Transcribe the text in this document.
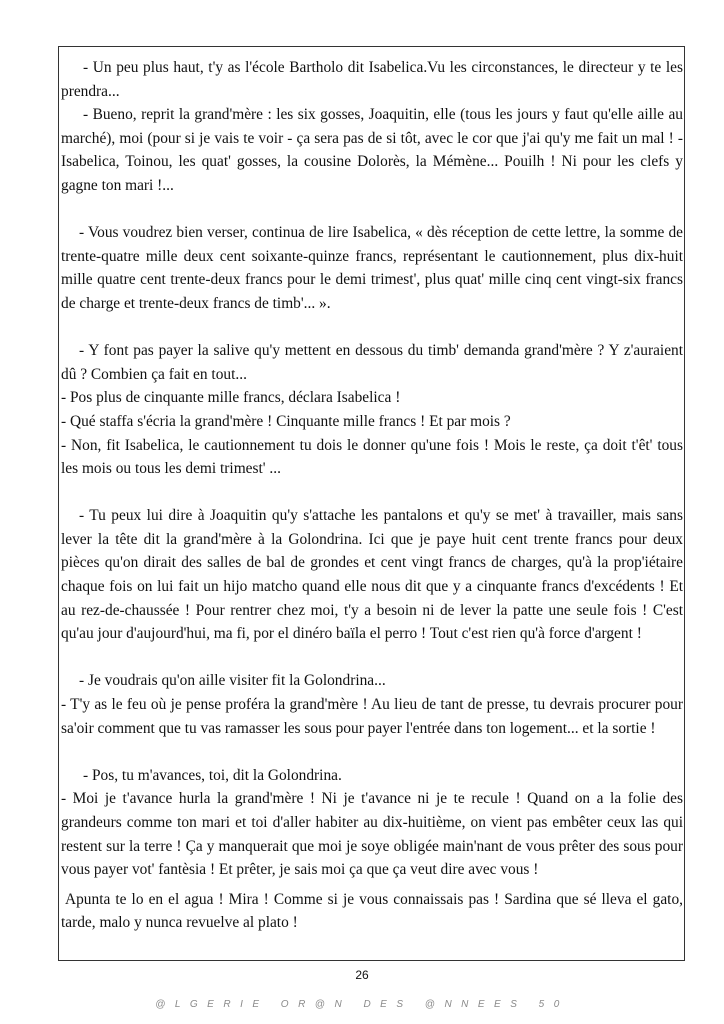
- Un peu plus haut, t'y as l'école Bartholo dit Isabelica.Vu les circonstances, le directeur y te les prendra...

- Bueno, reprit la grand'mère : les six gosses, Joaquitin, elle (tous les jours y faut qu'elle aille au marché), moi (pour si je vais te voir - ça sera pas de si tôt, avec le cor que j'ai qu'y me fait un mal ! - Isabelica, Toinou, les quat' gosses, la cousine Dolorès, la Mémène... Pouilh ! Ni pour les clefs y gagne ton mari !...

- Vous voudrez bien verser, continua de lire Isabelica, « dès réception de cette lettre, la somme de trente-quatre mille deux cent soixante-quinze francs, représentant le cautionnement, plus dix-huit mille quatre cent trente-deux francs pour le demi trimest', plus quat' mille cinq cent vingt-six francs de charge et trente-deux francs de timb'... ».

- Y font pas payer la salive qu'y mettent en dessous du timb' demanda grand'mère ? Y z'auraient dû ? Combien ça fait en tout...

- Pos plus de cinquante mille francs, déclara Isabelica !

- Qué staffa s'écria la grand'mère ! Cinquante mille francs ! Et par mois ?

- Non, fit Isabelica, le cautionnement tu dois le donner qu'une fois ! Mois le reste, ça doit t'êt' tous les mois ou tous les demi trimest' ...

- Tu peux lui dire à Joaquitin qu'y s'attache les pantalons et qu'y se met' à travailler, mais sans lever la tête dit la grand'mère à la Golondrina. Ici que je paye huit cent trente francs pour deux pièces qu'on dirait des salles de bal de grondes et cent vingt francs de charges, qu'à la prop'iétaire chaque fois on lui fait un hijo matcho quand elle nous dit que y a cinquante francs d'excédents ! Et au rez-de-chaussée ! Pour rentrer chez moi, t'y a besoin ni de lever la patte une seule fois ! C'est qu'au jour d'aujourd'hui, ma fi, por el dinéro baïla el perro ! Tout c'est rien qu'à force d'argent !

- Je voudrais qu'on aille visiter fit la Golondrina...

- T'y as le feu où je pense proféra la grand'mère ! Au lieu de tant de presse, tu devrais procurer pour sa'oir comment que tu vas ramasser les sous pour payer l'entrée dans ton logement... et la sortie !

- Pos, tu m'avances, toi, dit la Golondrina.

- Moi je t'avance hurla la grand'mère ! Ni je t'avance ni je te recule ! Quand on a la folie des grandeurs comme ton mari et toi d'aller habiter au dix-huitième, on vient pas embêter ceux las qui restent sur la terre ! Ça y manquerait que moi je soye obligée main'nant de vous prêter des sous pour vous payer vot' fantèsia ! Et prêter, je sais moi ça que ça veut dire avec vous !

Apunta te lo en el agua ! Mira ! Comme si je vous connaissais pas ! Sardina que sé lleva el gato, tarde, malo y nunca revuelve al plato !

26
@LGERIE OR@N DES @NNEES 50
